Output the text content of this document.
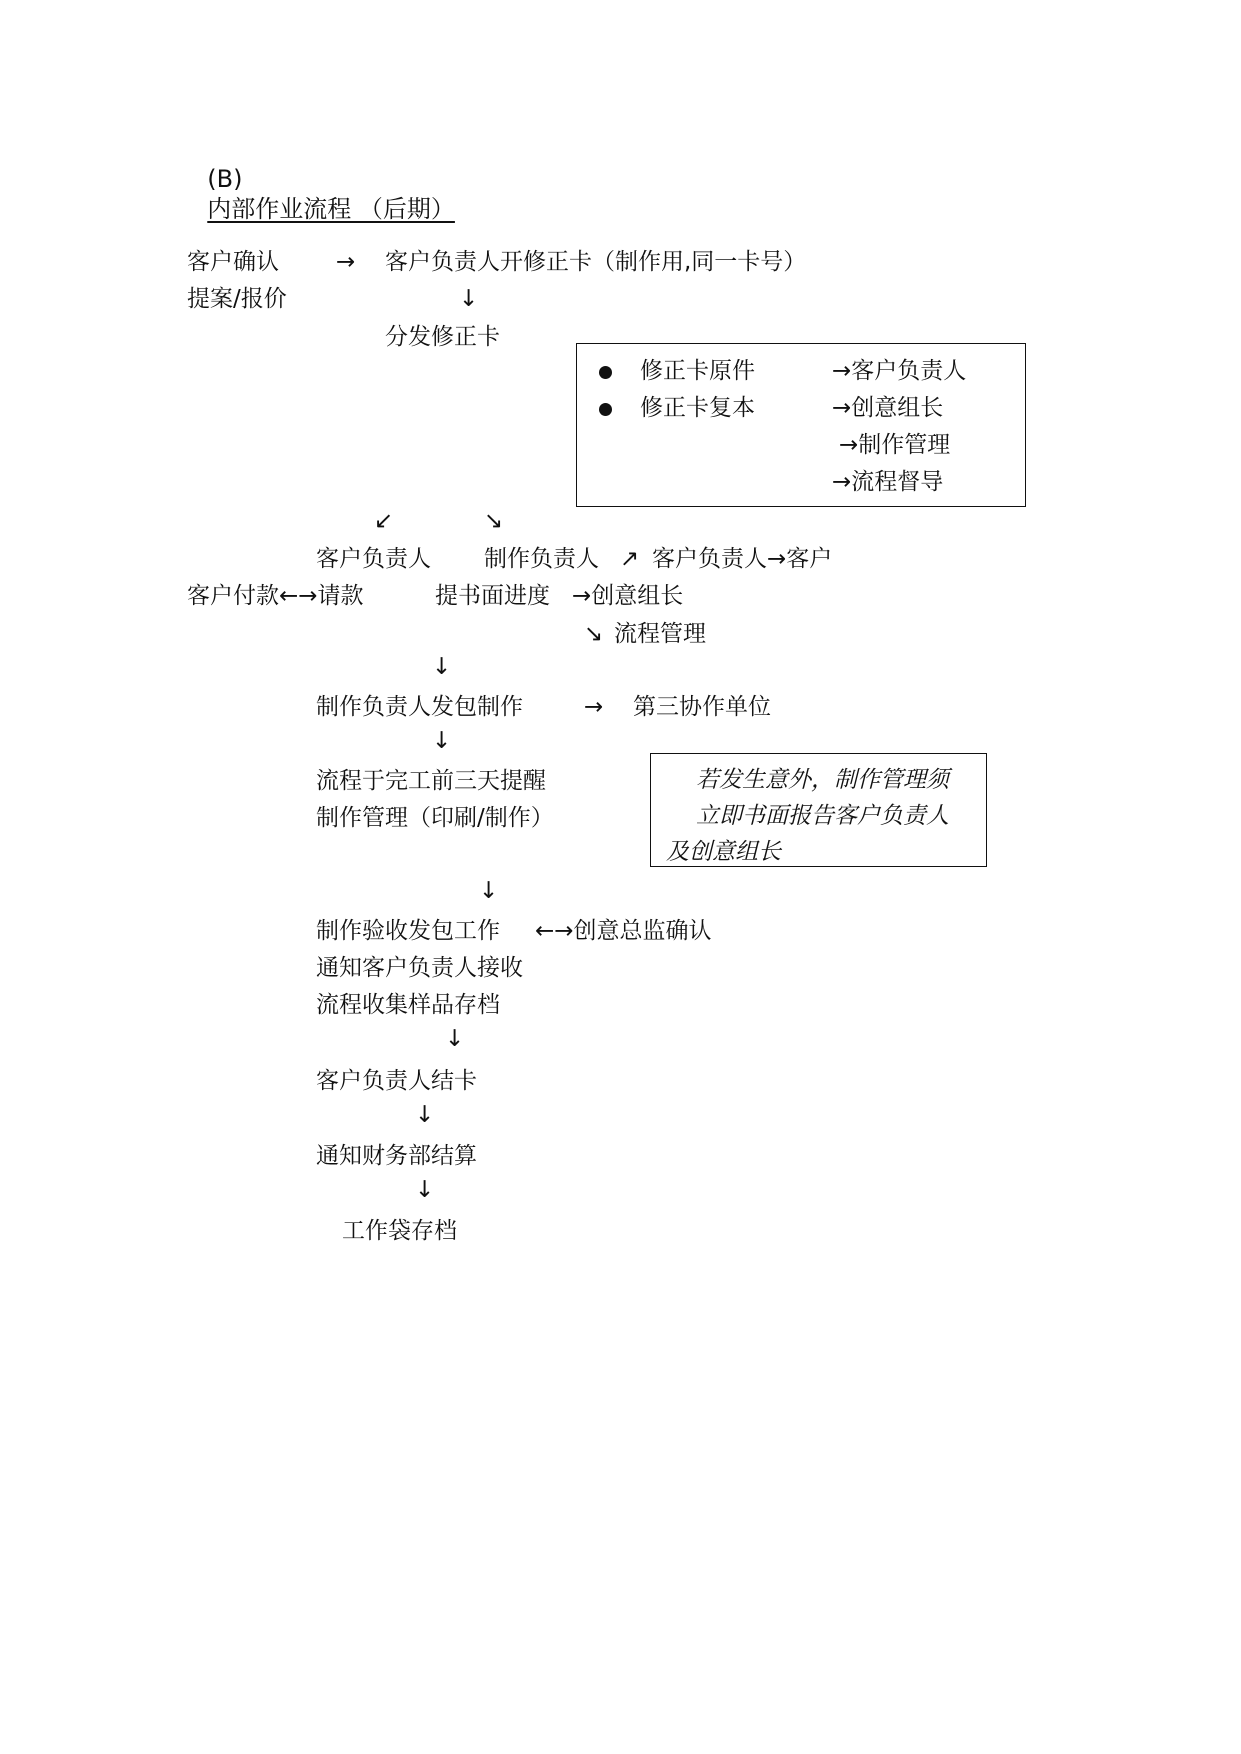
(B)
内部作业流程 （后期）

客户确认 → 客户负责人开修正卡（制作用,同一卡号）
提案/报价	↓
分发修正卡
修正卡原件	→客户负责人
修正卡复本	→创意组长
→制作管理
→流程督导
↙	↘
客户负责人 制作负责人 ↗ 客户负责人→客户
客户付款←→请款	提书面进度 →创意组长
↘ 流程管理
↓
制作负责人发包制作	→ 第三协作单位
↓
流程于完工前三天提醒
制作管理（印刷/制作）
若发生意外，制作管理须
立即书面报告客户负责人
及创意组长
↓
制作验收发包工作 ←→创意总监确认
通知客户负责人接收
流程收集样品存档
↓
客户负责人结卡
↓
通知财务部结算
↓
工作袋存档
